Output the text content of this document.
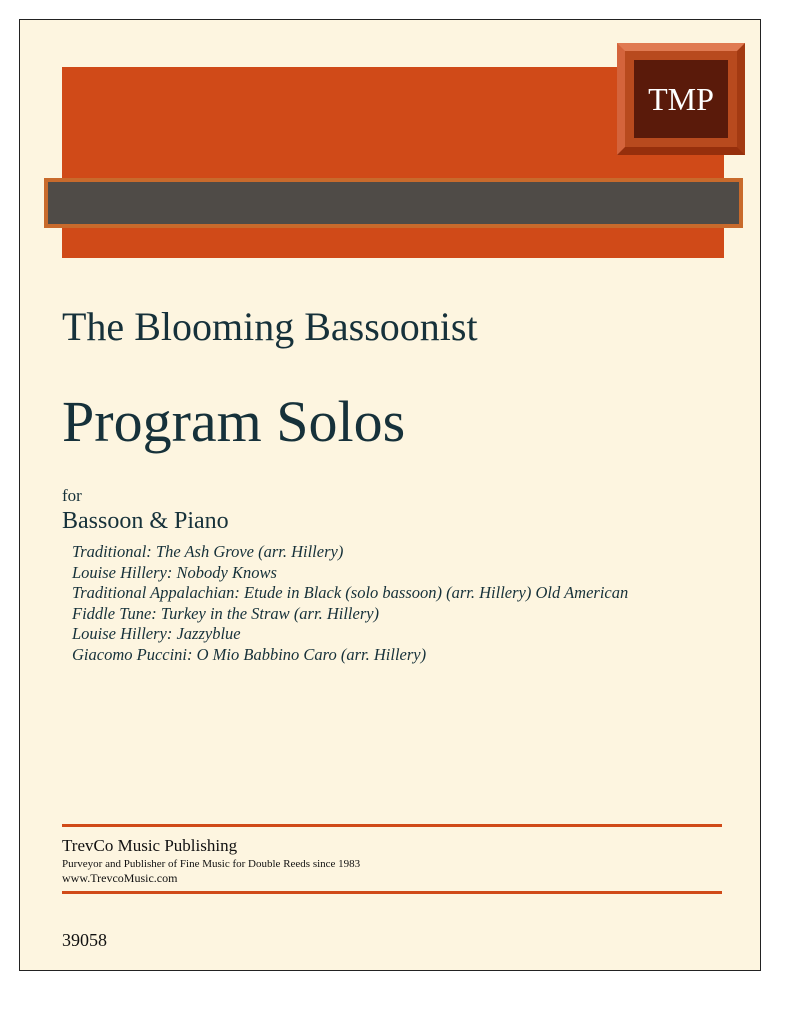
TMP
The Blooming Bassoonist
Program Solos
for
Bassoon & Piano
Traditional: The Ash Grove (arr. Hillery)
Louise Hillery: Nobody Knows
Traditional Appalachian: Etude in Black (solo bassoon) (arr. Hillery) Old American
Fiddle Tune: Turkey in the Straw (arr. Hillery)
Louise Hillery: Jazzyblue
Giacomo Puccini: O Mio Babbino Caro (arr. Hillery)
TrevCo Music Publishing
Purveyor and Publisher of Fine Music for Double Reeds since 1983
www.TrevcoMusic.com
39058
